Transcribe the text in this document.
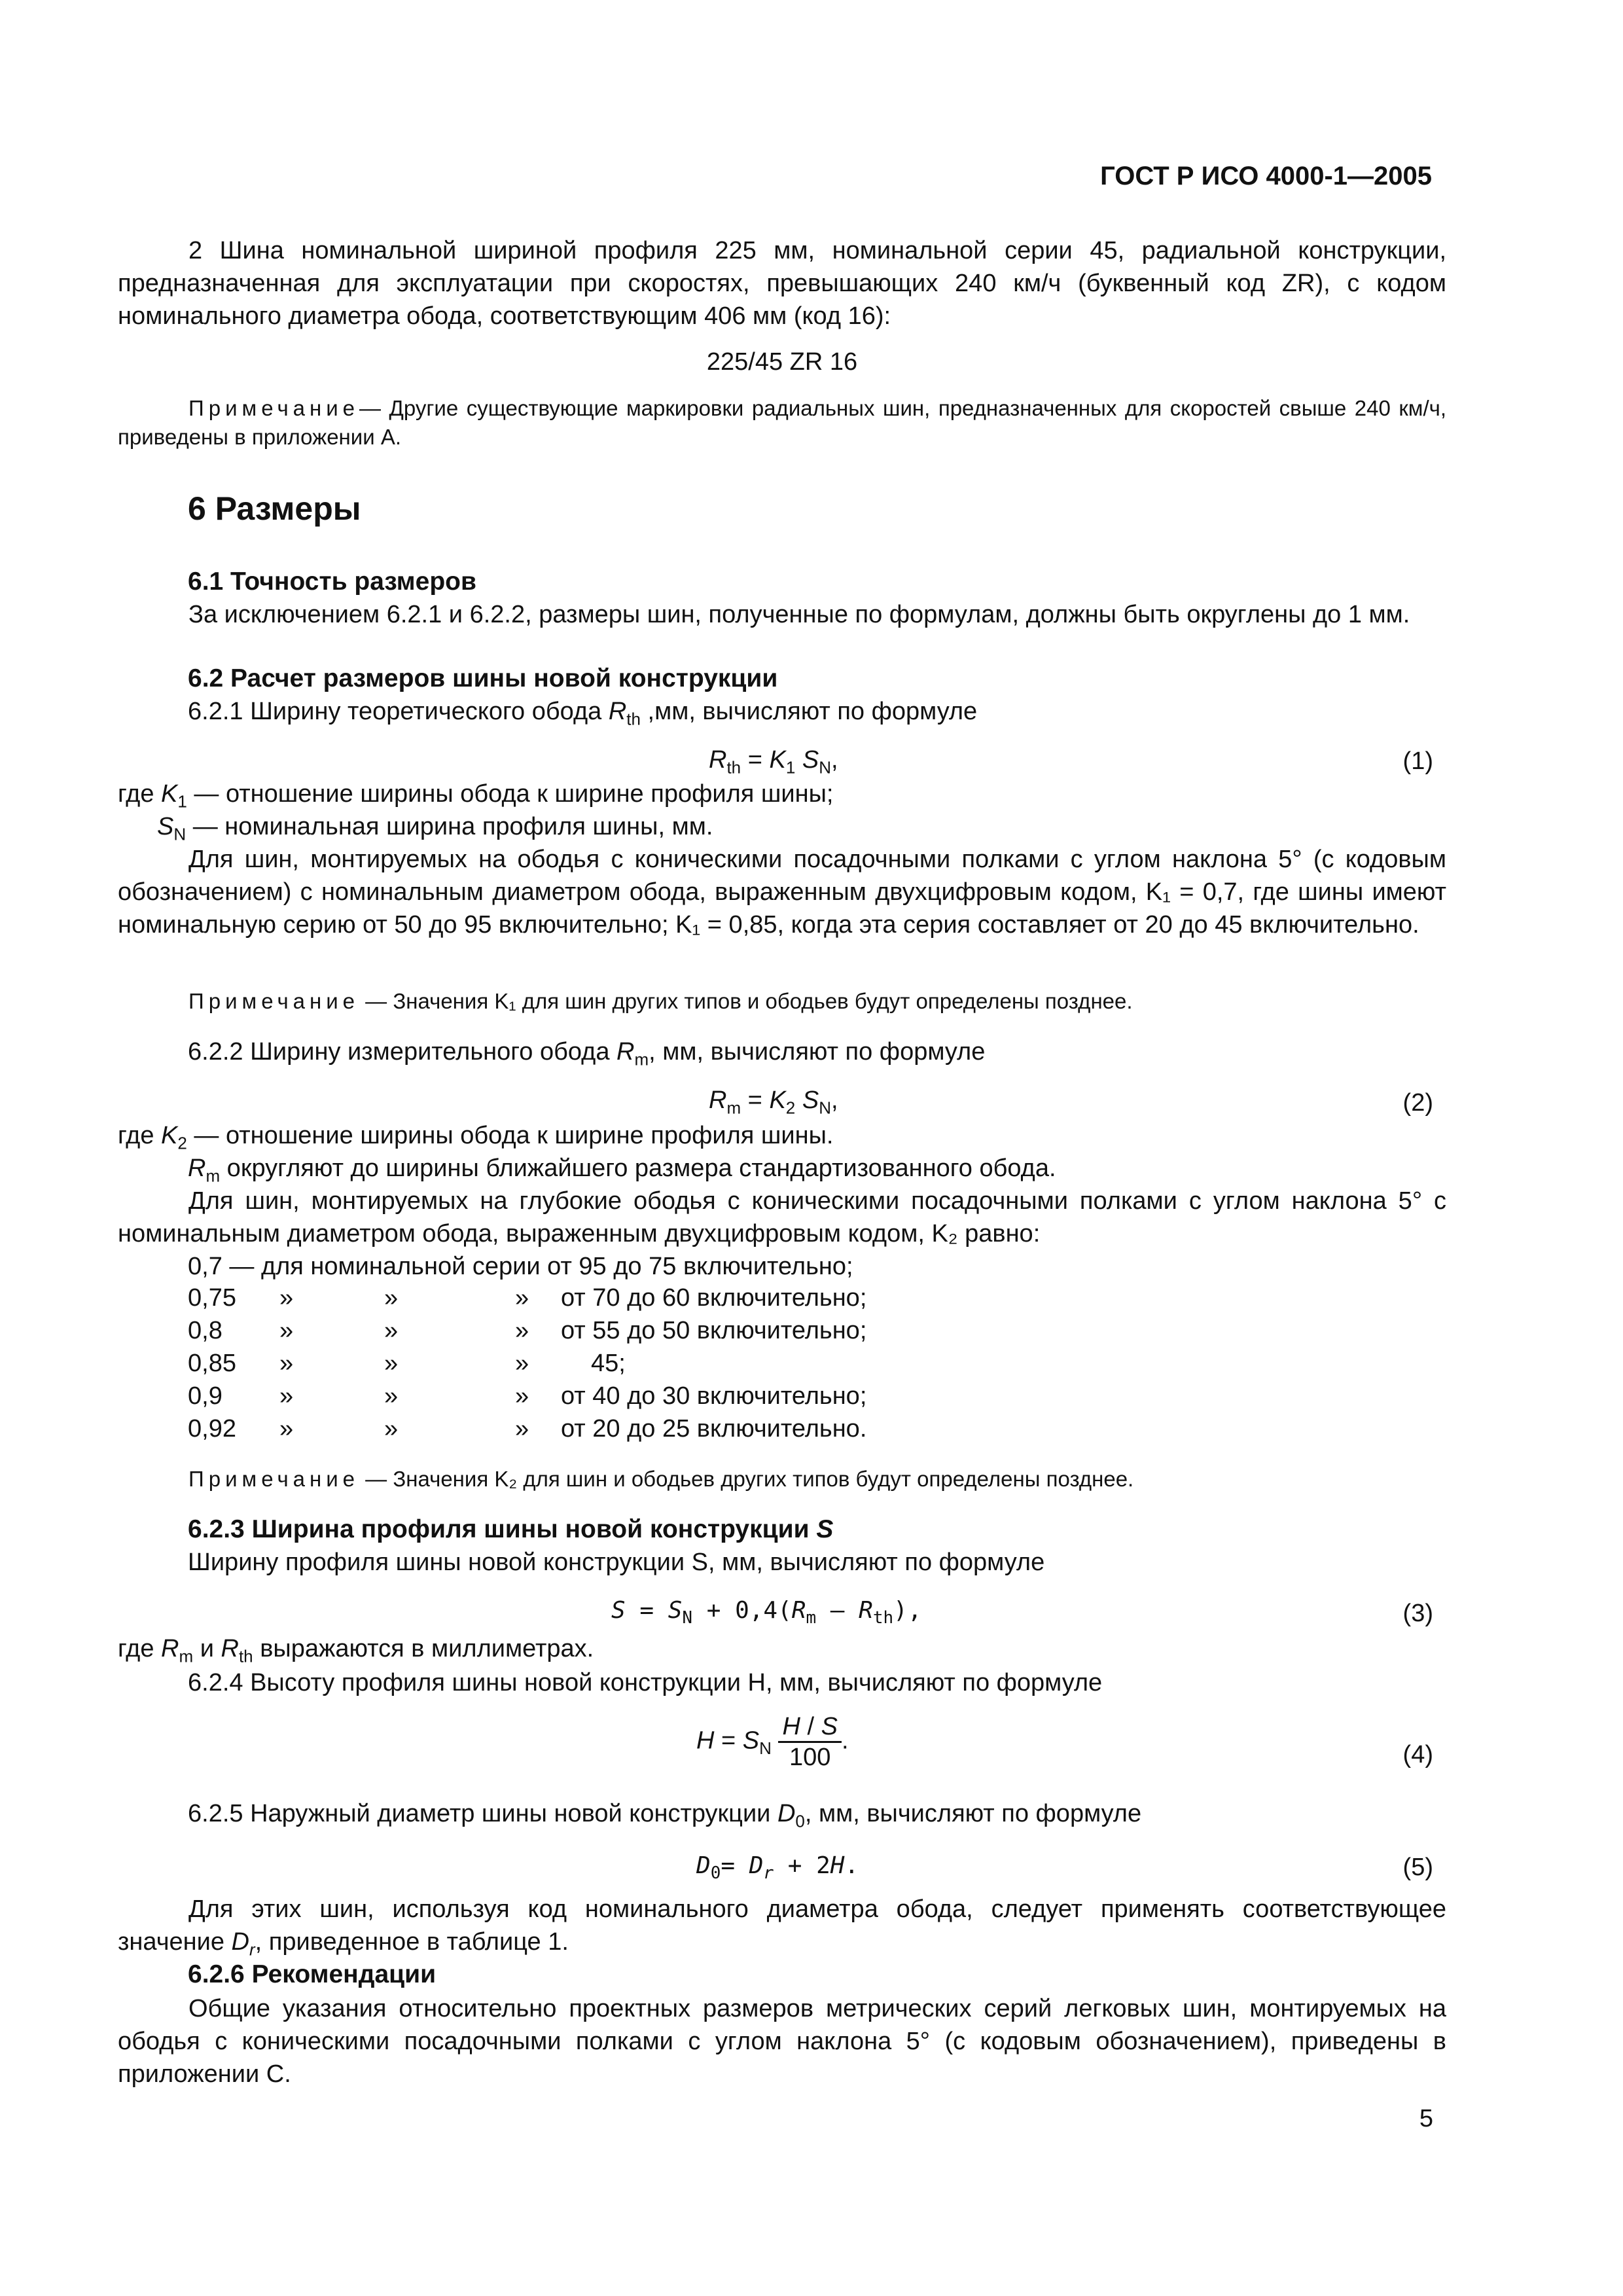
ГОСТ Р ИСО 4000-1—2005
2 Шина номинальной шириной профиля 225 мм, номинальной серии 45, радиальной конструкции, предназначенная для эксплуатации при скоростях, превышающих 240 км/ч (буквенный код ZR), с кодом номинального диаметра обода, соответствующим 406 мм (код 16):
225/45 ZR 16
Примечание— Другие существующие маркировки радиальных шин, предназначенных для скоростей свыше 240 км/ч, приведены в приложении А.
6 Размеры
6.1 Точность размеров
За исключением 6.2.1 и 6.2.2, размеры шин, полученные по формулам, должны быть округлены до 1 мм.
6.2 Расчет размеров шины новой конструкции
6.2.1 Ширину теоретического обода $R_{th}$ ,мм, вычисляют по формуле
$R_{th} = K_1$ $S_N$,	(1)
где $K_1$ — отношение ширины обода к ширине профиля шины;
$S_N$ — номинальная ширина профиля шины, мм.
Для шин, монтируемых на ободья с коническими посадочными полками с углом наклона 5° (с кодовым обозначением) с номинальным диаметром обода, выраженным двухцифровым кодом, K₁ = 0,7, где шины имеют номинальную серию от 50 до 95 включительно; K₁ = 0,85, когда эта серия составляет от 20 до 45 включительно.
Примечание — Значения K₁ для шин других типов и ободьев будут определены позднее.
6.2.2 Ширину измерительного обода $R_m$, мм, вычисляют по формуле
$R_m = K_2$ $S_N$,	(2)
где $K_2$ — отношение ширины обода к ширине профиля шины.
$R_m$ округляют до ширины ближайшего размера стандартизованного обода.
Для шин, монтируемых на глубокие ободья с коническими посадочными полками с углом наклона 5° с номинальным диаметром обода, выраженным двухцифровым кодом, K₂ равно:
0,7 — для номинальной серии от 95 до 75 включительно;
0,75	»	»	»	от 70 до 60 включительно;
0,8	»	»	»	от 55 до 50 включительно;
0,85	»	»	»	45;
0,9	»	»	»	от 40 до 30 включительно;
0,92	»	»	»	от 20 до 25 включительно.
Примечание — Значения K₂ для шин и ободьев других типов будут определены позднее.
6.2.3 Ширина профиля шины новой конструкции S
Ширину профиля шины новой конструкции S, мм, вычисляют по формуле
$S = S_N + 0,4(R_m$ — $R_{th}$),	(3)
где $R_m$ и $R_{th}$ выражаются в миллиметрах.
6.2.4 Высоту профиля шины новой конструкции H, мм, вычисляют по формуле
$H = S_N \frac{H / S}{100}$ .
(4)
6.2.5 Наружный диаметр шины новой конструкции $D_0$, мм, вычисляют по формуле
$D_0= D_r + 2H$.	(5)
Для этих шин, используя код номинального диаметра обода, следует применять соответствующее значение $D_r$, приведенное в таблице 1.
6.2.6 Рекомендации
Общие указания относительно проектных размеров метрических серий легковых шин, монтируемых на ободья с коническими посадочными полками с углом наклона 5° (с кодовым обозначением), приведены в приложении С.
5
